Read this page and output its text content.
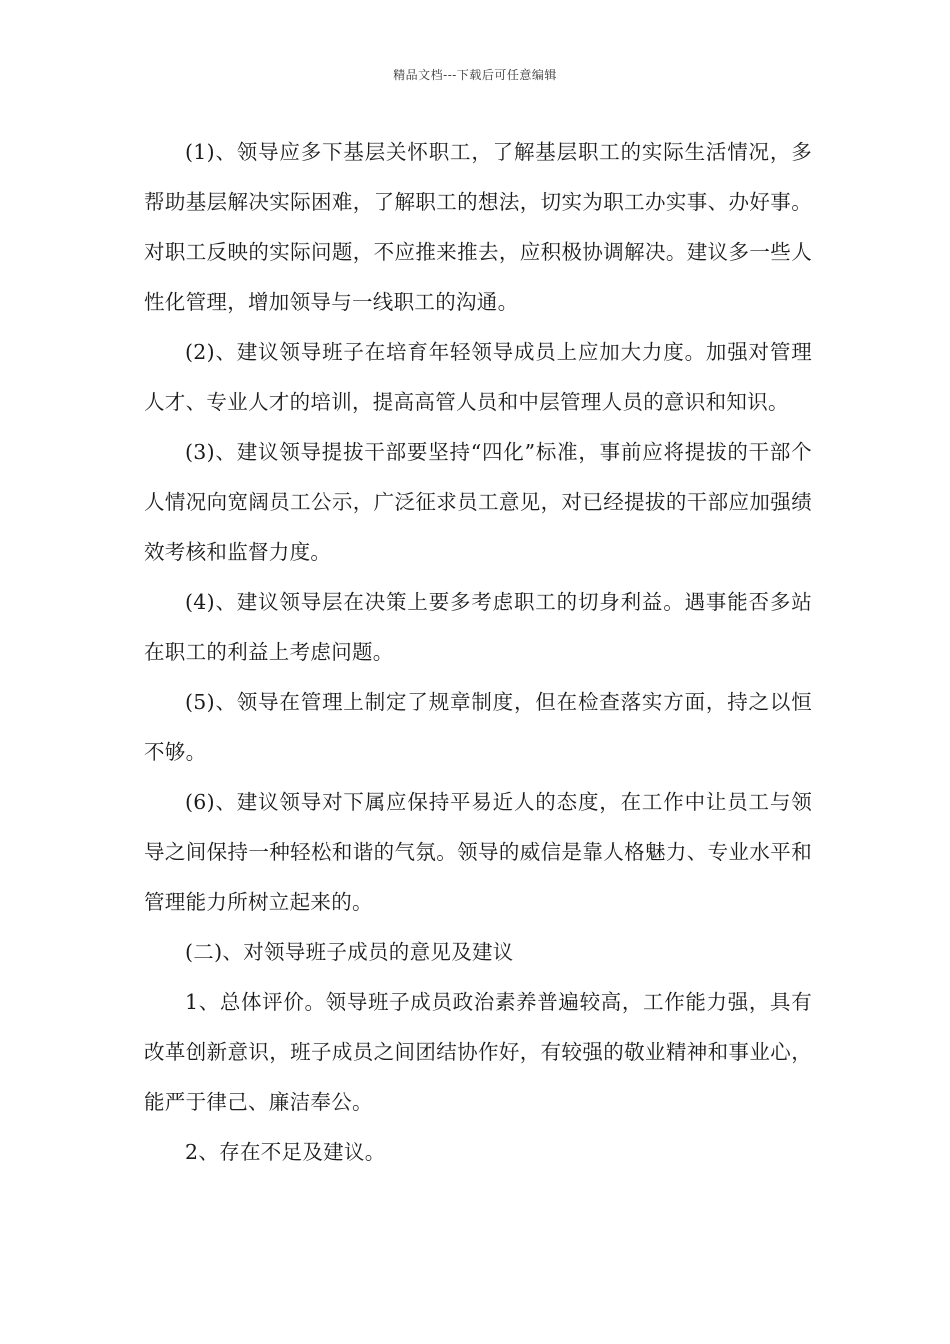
精品文档---下载后可任意编辑

(1)、领导应多下基层关怀职工，了解基层职工的实际生活情况，多帮助基层解决实际困难，了解职工的想法，切实为职工办实事、办好事。对职工反映的实际问题，不应推来推去，应积极协调解决。建议多一些人性化管理，增加领导与一线职工的沟通。

(2)、建议领导班子在培育年轻领导成员上应加大力度。加强对管理人才、专业人才的培训，提高高管人员和中层管理人员的意识和知识。

(3)、建议领导提拔干部要坚持“四化”标准，事前应将提拔的干部个人情况向宽阔员工公示，广泛征求员工意见，对已经提拔的干部应加强绩效考核和监督力度。

(4)、建议领导层在决策上要多考虑职工的切身利益。遇事能否多站在职工的利益上考虑问题。

(5)、领导在管理上制定了规章制度，但在检查落实方面，持之以恒不够。

(6)、建议领导对下属应保持平易近人的态度，在工作中让员工与领导之间保持一种轻松和谐的气氛。领导的威信是靠人格魅力、专业水平和管理能力所树立起来的。

(二)、对领导班子成员的意见及建议

1、总体评价。领导班子成员政治素养普遍较高，工作能力强，具有改革创新意识，班子成员之间团结协作好，有较强的敬业精神和事业心，能严于律己、廉洁奉公。

2、存在不足及建议。
